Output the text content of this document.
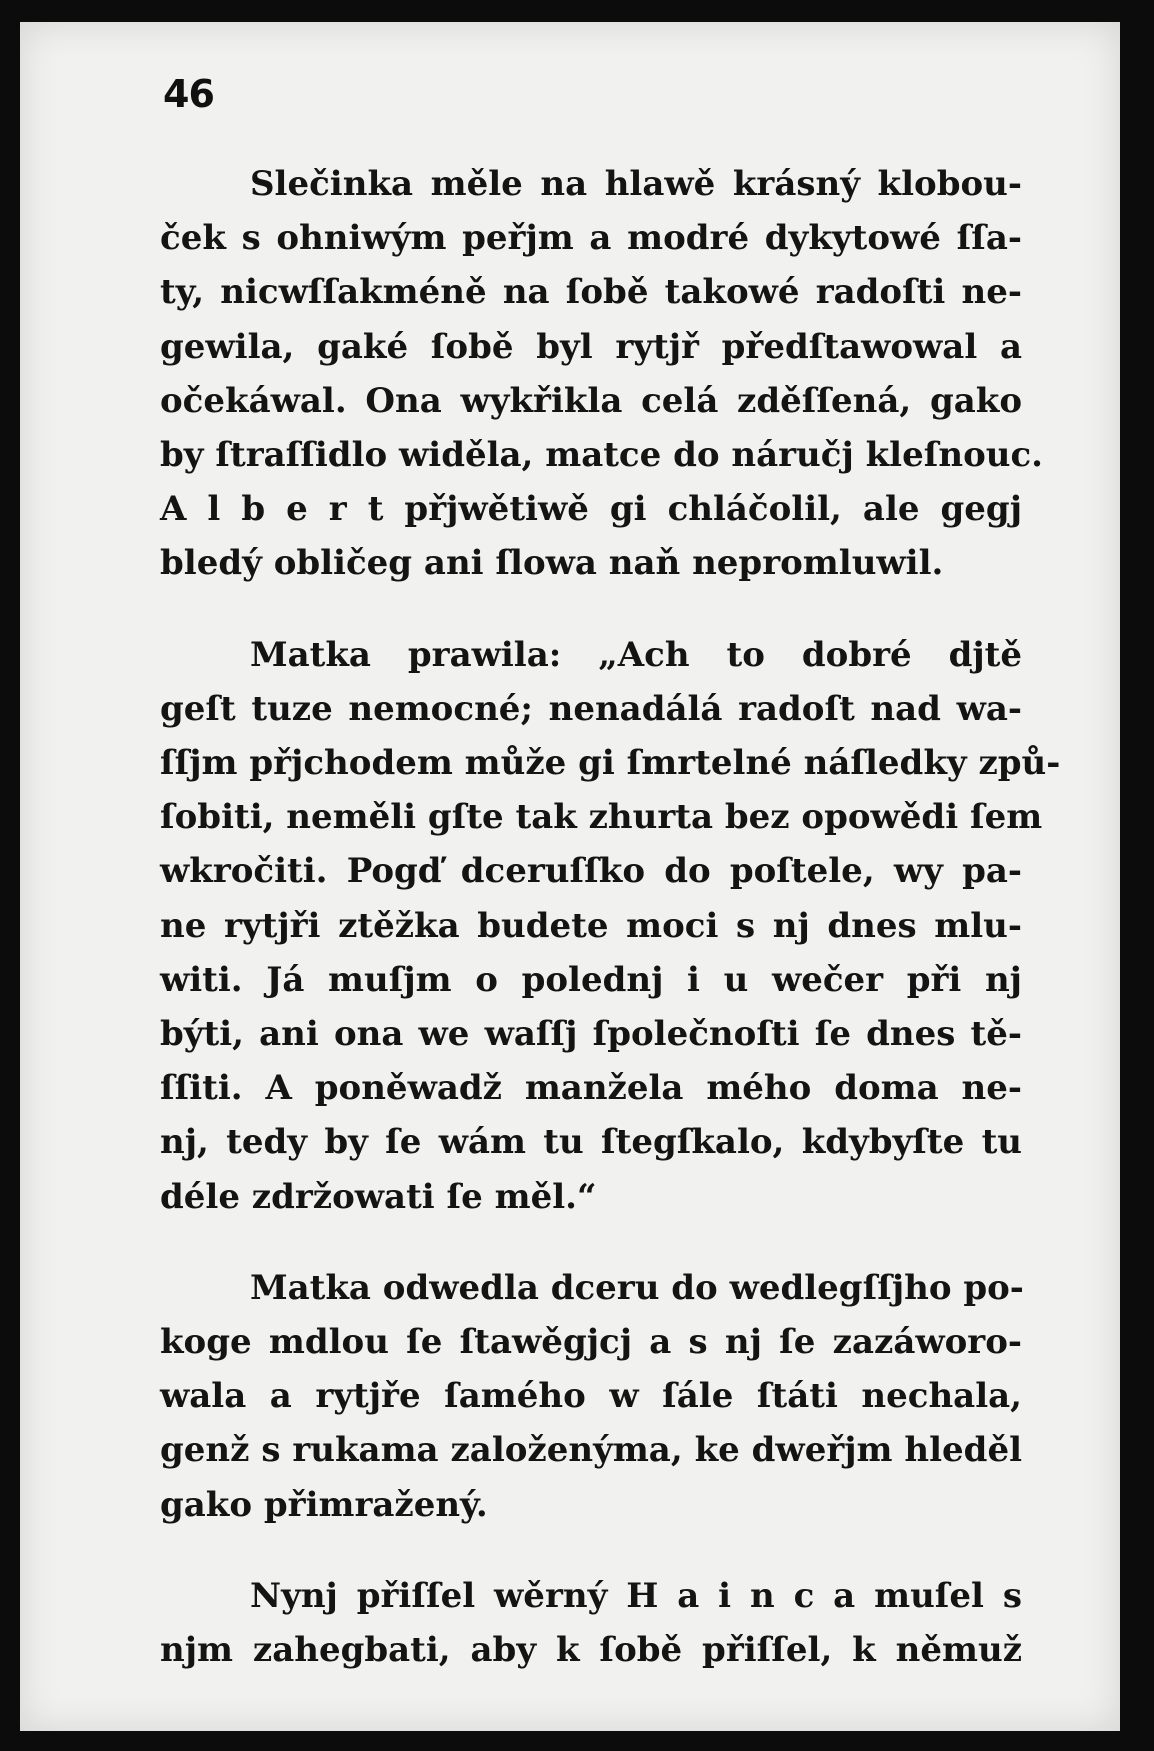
46

Slečinka měle na hlawě krásný klobou-
ček s ohniwým peřjm a modré dykytowé ſſa-
ty, nicwſſakméně na ſobě takowé radoſti ne-
gewila, gaké ſobě byl rytjř předſtawowal a
očekáwal. Ona wykřikla celá zděſſená, gako
by ſtraſſidlo widěla, matce do náručj kleſnouc.
A l b e r t přjwětiwě gi chláčolil, ale gegj
bledý obličeg ani ſlowa naň nepromluwil.

Matka prawila: „Ach to dobré djtě
geſt tuze nemocné; nenadálá radoſt nad wa-
ſſjm přjchodem může gi ſmrtelné náſledky způ-
ſobiti, neměli gſte tak zhurta bez opowědi ſem
wkročiti. Pogď dceruſſko do poſtele, wy pa-
ne rytjři ztěžka budete moci s nj dnes mlu-
witi. Já muſjm o polednj i u wečer při nj
býti, ani ona we waſſj ſpolečnoſti ſe dnes tě-
ſſiti. A poněwadž manžela mého doma ne-
nj, tedy by ſe wám tu ſtegſkalo, kdybyſte tu
déle zdržowati ſe měl.“

Matka odwedla dceru do wedlegſſjho po-
koge mdlou ſe ſtawěgjcj a s nj ſe zazáworo-
wala a rytjře ſamého w ſále ſtáti nechala,
genž s rukama založenýma, ke dweřjm hleděl
gako přimražený.

Nynj přiſſel wěrný H a i n c a muſel s
njm zahegbati, aby k ſobě přiſſel, k němuž
